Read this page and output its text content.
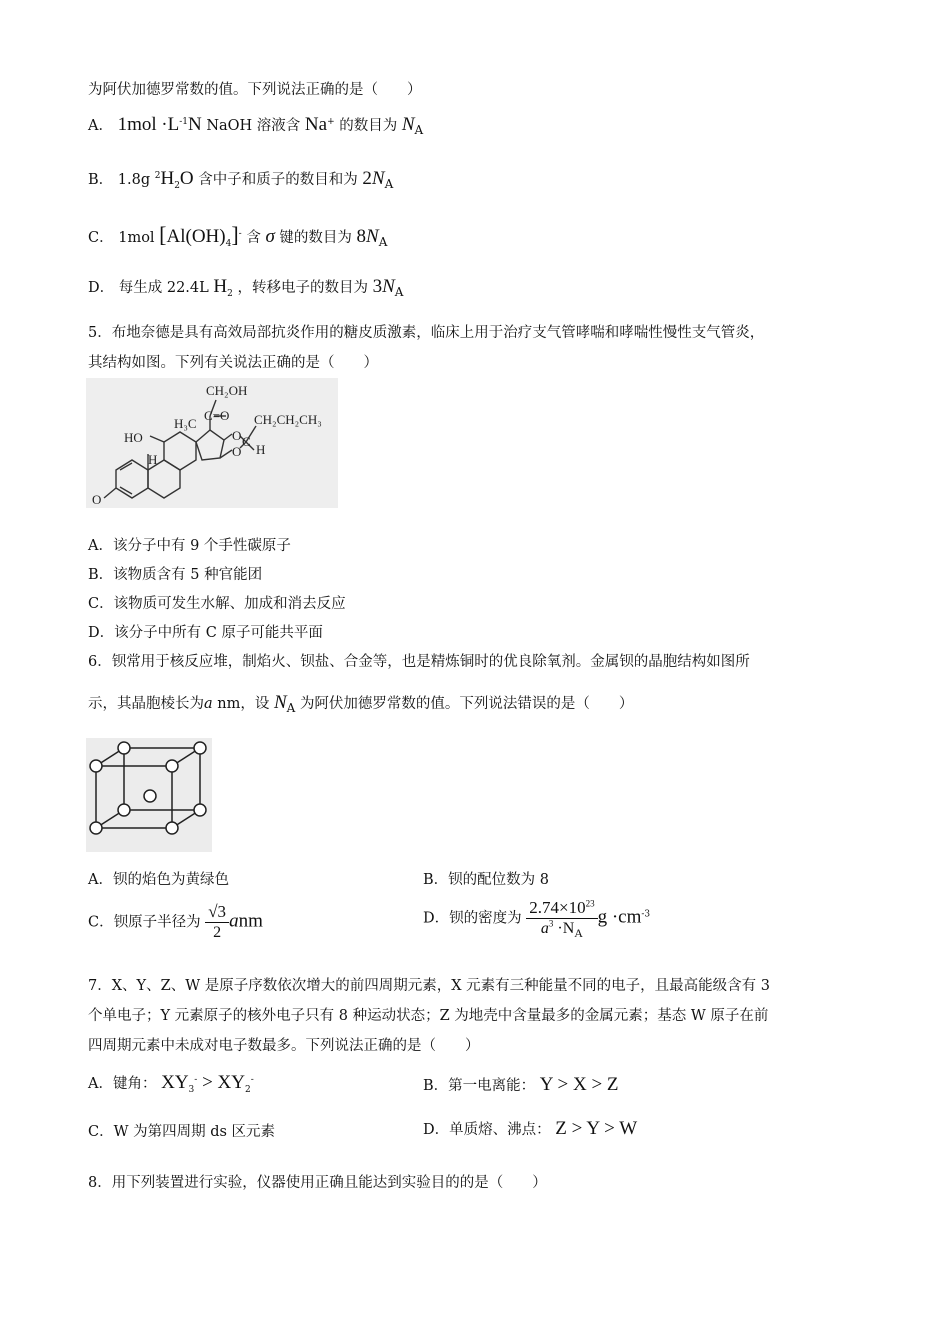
为阿伏加德罗常数的值。下列说法正确的是（　　）
A． $1mol \cdot L^{-1}N$ NaOH 溶液含 Na+ 的数目为 $N_A$
B． 1.8g $^2H_2O$ 含中子和质子的数目和为 $2N_A$
C． 1mol $[Al(OH)_4]^-$ 含 σ 键的数目为 $8N_A$
D． 每生成 22.4L $H_2$ ，转移电子的数目为 $3N_A$
5．布地奈德是具有高效局部抗炎作用的糖皮质激素，临床上用于治疗支气管哮喘和哮喘性慢性支气管炎，
其结构如图。下列有关说法正确的是（　　）
CH₂OH
C=O
H₃C
HO
H
O
O
C
CH₂CH₂CH₃
H
O
A．该分子中有 9 个手性碳原子
B．该物质含有 5 种官能团
C．该物质可发生水解、加成和消去反应
D．该分子中所有 C 原子可能共平面
6．钡常用于核反应堆，制焰火、钡盐、合金等，也是精炼铜时的优良除氧剂。金属钡的晶胞结构如图所
示，其晶胞棱长为a nm，设 $N_A$ 为阿伏加德罗常数的值。下列说法错误的是（　　）
A．钡的焰色为黄绿色	B．钡的配位数为 8
C．钡原子半径为 $\frac{√3}{2}$ anm	D．钡的密度为 $\frac{2.74\times 10^{23}}{a^3 \cdot N_A}$ $g \cdot cm^{-3}$
7．X、Y、Z、W 是原子序数依次增大的前四周期元素，X 元素有三种能量不同的电子，且最高能级含有 3
个单电子；Y 元素原子的核外电子只有 8 种运动状态；Z 为地壳中含量最多的金属元素；基态 W 原子在前
四周期元素中未成对电子数最多。下列说法正确的是（　　）
A．键角： $XY_3^- > XY_2^-$	B．第一电离能： Y > X > Z
C．W 为第四周期 ds 区元素	D．单质熔、沸点： Z > Y > W
8．用下列装置进行实验，仪器使用正确且能达到实验目的的是（　　）
